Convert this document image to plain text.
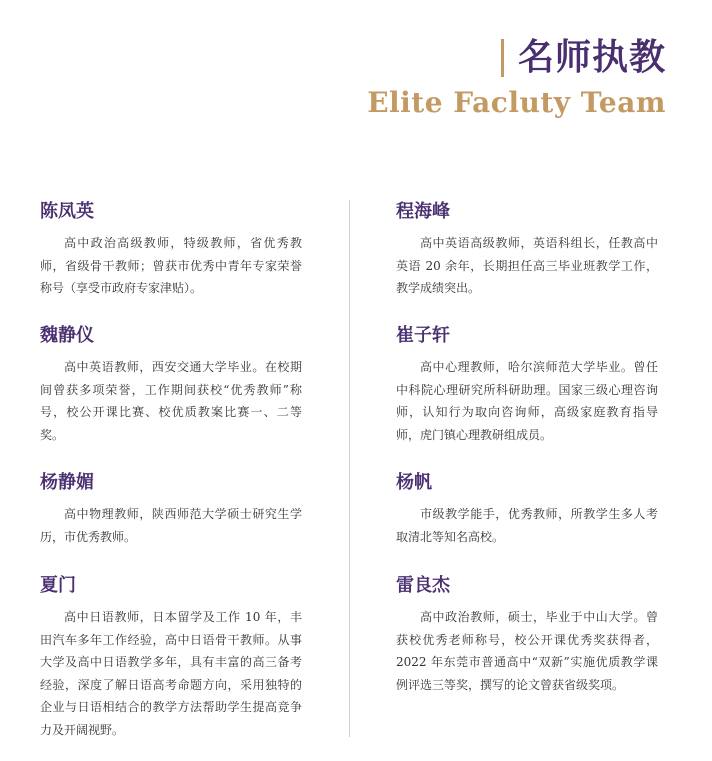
名师执教
Elite Facluty Team
陈凤英

高中政治高级教师，特级教师，省优秀教师，省级骨干教师；曾获市优秀中青年专家荣誉称号（享受市政府专家津贴）。

魏静仪

高中英语教师，西安交通大学毕业。在校期间曾获多项荣誉，工作期间获校“优秀教师”称号，校公开课比赛、校优质教案比赛一、二等奖。

杨静媚

高中物理教师，陕西师范大学硕士研究生学历，市优秀教师。

夏门

高中日语教师，日本留学及工作 10 年，丰田汽车多年工作经验，高中日语骨干教师。从事大学及高中日语教学多年，具有丰富的高三备考经验，深度了解日语高考命题方向，采用独特的企业与日语相结合的教学方法帮助学生提高竞争力及开阔视野。

程海峰

高中英语高级教师，英语科组长，任教高中英语 20 余年，长期担任高三毕业班教学工作，教学成绩突出。

崔子轩

高中心理教师，哈尔滨师范大学毕业。曾任中科院心理研究所科研助理。国家三级心理咨询师，认知行为取向咨询师，高级家庭教育指导师，虎门镇心理教研组成员。

杨帆

市级教学能手，优秀教师，所教学生多人考取清北等知名高校。

雷良杰

高中政治教师，硕士，毕业于中山大学。曾获校优秀老师称号，校公开课优秀奖获得者，2022 年东莞市普通高中“双新”实施优质教学课例评选三等奖，撰写的论文曾获省级奖项。
